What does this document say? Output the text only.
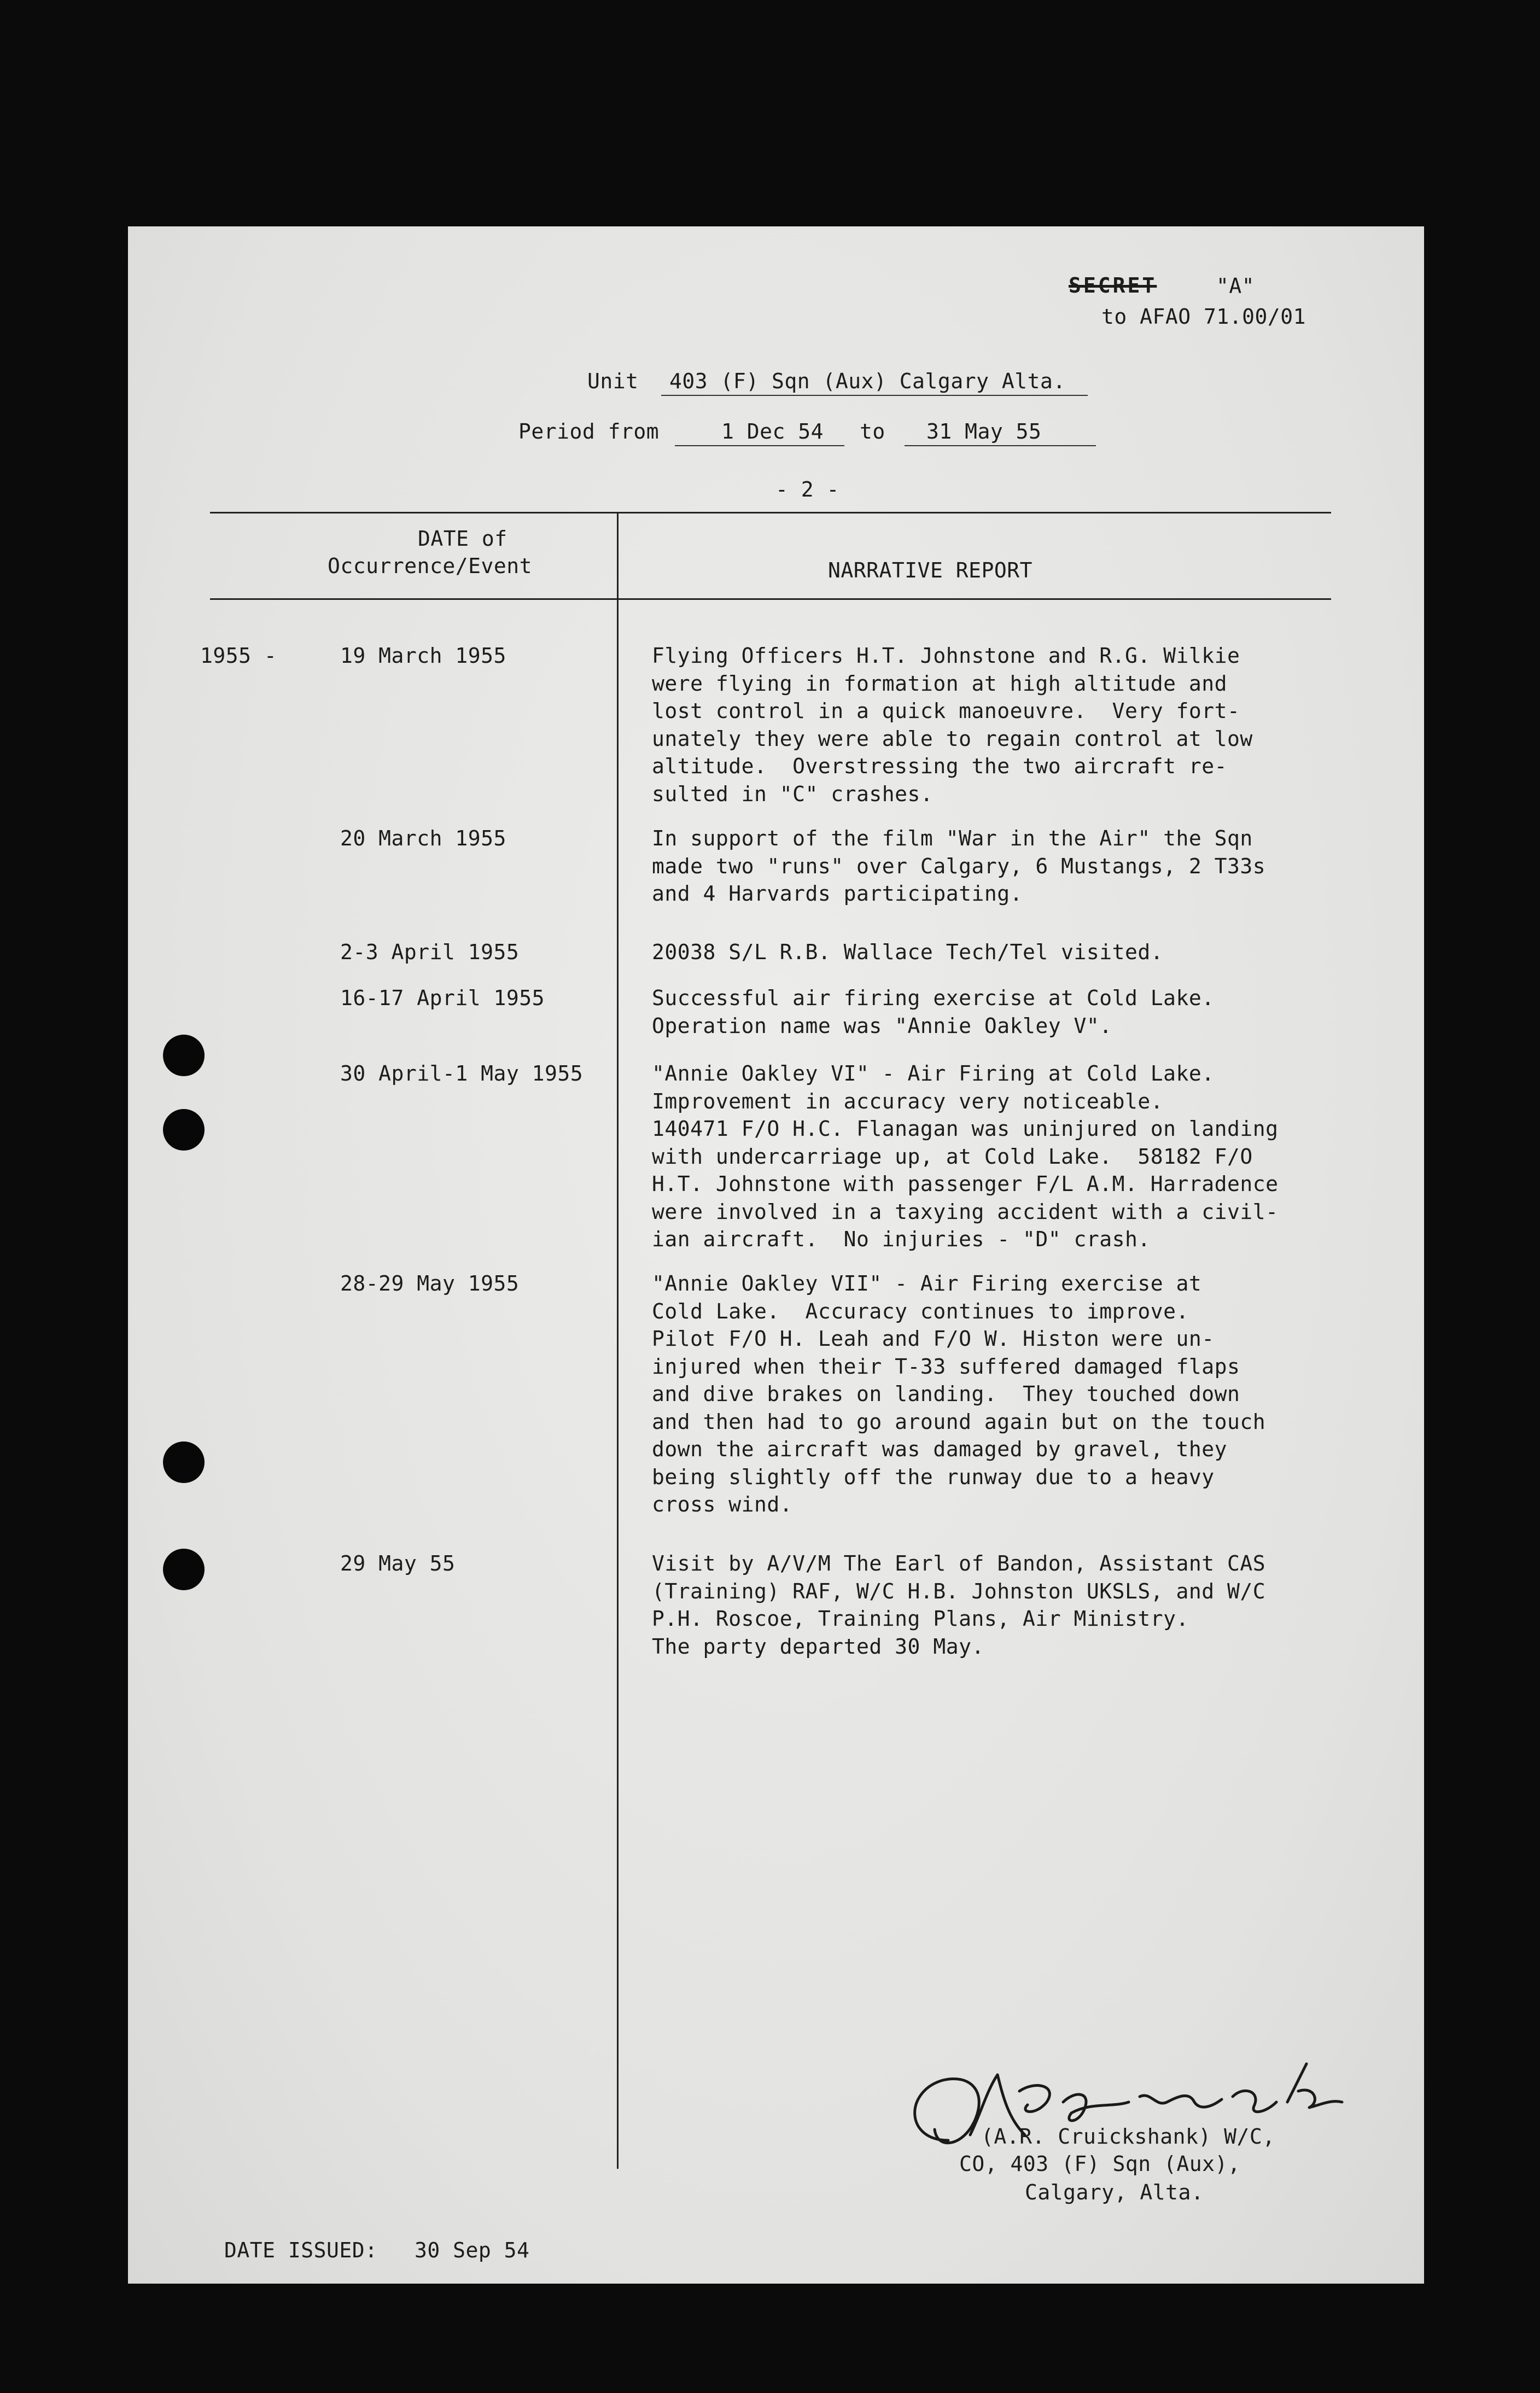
SECRET	"A"
to AFAO 71.00/01
Unit 403 (F) Sqn (Aux) Calgary Alta.
Period from	1 Dec 54 to 31 May 55
- 2 -
DATE of
Occurrence/Event	NARRATIVE REPORT
1955 -	19 March 1955	Flying Officers H.T. Johnstone and R.G. Wilkie
were flying in formation at high altitude and
lost control in a quick manoeuvre.  Very fort-
unately they were able to regain control at low
altitude.  Overstressing the two aircraft re-
sulted in "C" crashes.
20 March 1955	In support of the film "War in the Air" the Sqn
made two "runs" over Calgary, 6 Mustangs, 2 T33s
and 4 Harvards participating.
2-3 April 1955	20038 S/L R.B. Wallace Tech/Tel visited.
16-17 April 1955	Successful air firing exercise at Cold Lake.
Operation name was "Annie Oakley V".
30 April-1 May 1955	"Annie Oakley VI" - Air Firing at Cold Lake.
Improvement in accuracy very noticeable.
140471 F/O H.C. Flanagan was uninjured on landing
with undercarriage up, at Cold Lake.  58182 F/O
H.T. Johnstone with passenger F/L A.M. Harradence
were involved in a taxying accident with a civil-
ian aircraft.  No injuries - "D" crash.
28-29 May 1955	"Annie Oakley VII" - Air Firing exercise at
Cold Lake.  Accuracy continues to improve.
Pilot F/O H. Leah and F/O W. Histon were un-
injured when their T-33 suffered damaged flaps
and dive brakes on landing.  They touched down
and then had to go around again but on the touch
down the aircraft was damaged by gravel, they
being slightly off the runway due to a heavy
cross wind.
29 May 55	Visit by A/V/M The Earl of Bandon, Assistant CAS
(Training) RAF, W/C H.B. Johnston UKSLS, and W/C
P.H. Roscoe, Training Plans, Air Ministry.
The party departed 30 May.
(A.R. Cruickshank) W/C,
CO, 403 (F) Sqn (Aux),
Calgary, Alta.
DATE ISSUED: 30 Sep 54
